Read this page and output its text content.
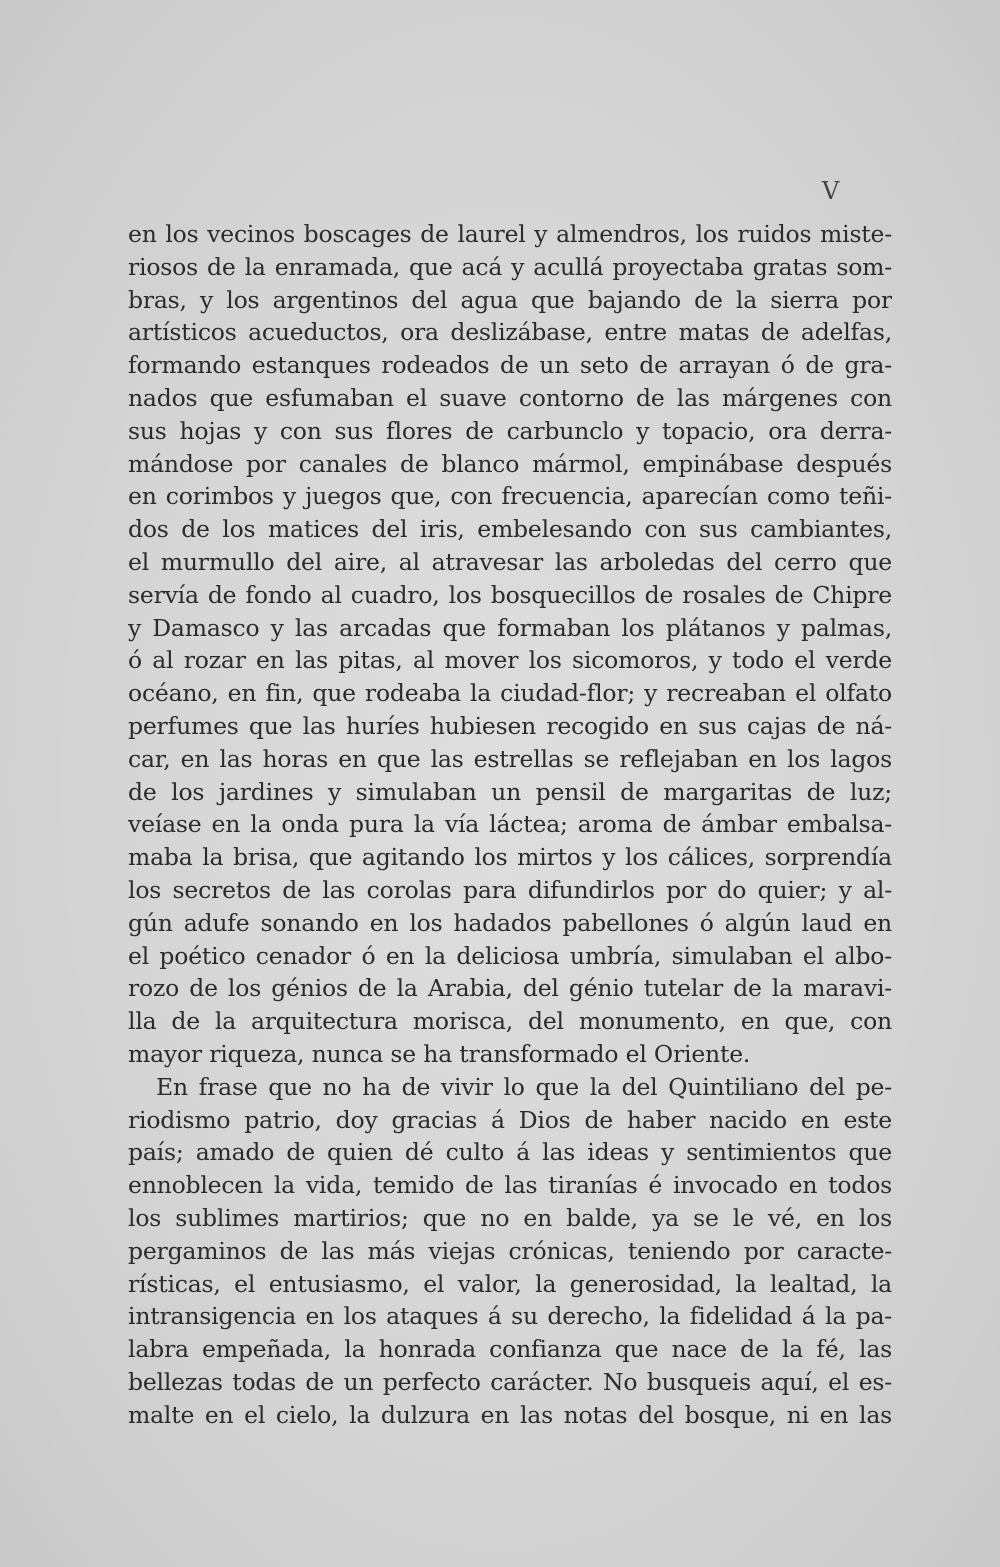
V
en los vecinos boscages de laurel y almendros, los ruidos miste-
riosos de la enramada, que acá y acullá proyectaba gratas som-
bras, y los argentinos del agua que bajando de la sierra por
artísticos acueductos, ora deslizábase, entre matas de adelfas,
formando estanques rodeados de un seto de arrayan ó de gra-
nados que esfumaban el suave contorno de las márgenes con
sus hojas y con sus flores de carbunclo y topacio, ora derra-
mándose por canales de blanco mármol, empinábase después
en corimbos y juegos que, con frecuencia, aparecían como teñi-
dos de los matices del iris, embelesando con sus cambiantes,
el murmullo del aire, al atravesar las arboledas del cerro que
servía de fondo al cuadro, los bosquecillos de rosales de Chipre
y Damasco y las arcadas que formaban los plátanos y palmas,
ó al rozar en las pitas, al mover los sicomoros, y todo el verde
océano, en fin, que rodeaba la ciudad-flor; y recreaban el olfato
perfumes que las huríes hubiesen recogido en sus cajas de ná-
car, en las horas en que las estrellas se reflejaban en los lagos
de los jardines y simulaban un pensil de margaritas de luz;
veíase en la onda pura la vía láctea; aroma de ámbar embalsa-
maba la brisa, que agitando los mirtos y los cálices, sorprendía
los secretos de las corolas para difundirlos por do quier; y al-
gún adufe sonando en los hadados pabellones ó algún laud en
el poético cenador ó en la deliciosa umbría, simulaban el albo-
rozo de los génios de la Arabia, del génio tutelar de la maravi-
lla de la arquitectura morisca, del monumento, en que, con
mayor riqueza, nunca se ha transformado el Oriente.
En frase que no ha de vivir lo que la del Quintiliano del pe-
riodismo patrio, doy gracias á Dios de haber nacido en este
país; amado de quien dé culto á las ideas y sentimientos que
ennoblecen la vida, temido de las tiranías é invocado en todos
los sublimes martirios; que no en balde, ya se le vé, en los
pergaminos de las más viejas crónicas, teniendo por caracte-
rísticas, el entusiasmo, el valor, la generosidad, la lealtad, la
intransigencia en los ataques á su derecho, la fidelidad á la pa-
labra empeñada, la honrada confianza que nace de la fé, las
bellezas todas de un perfecto carácter. No busqueis aquí, el es-
malte en el cielo, la dulzura en las notas del bosque, ni en las
